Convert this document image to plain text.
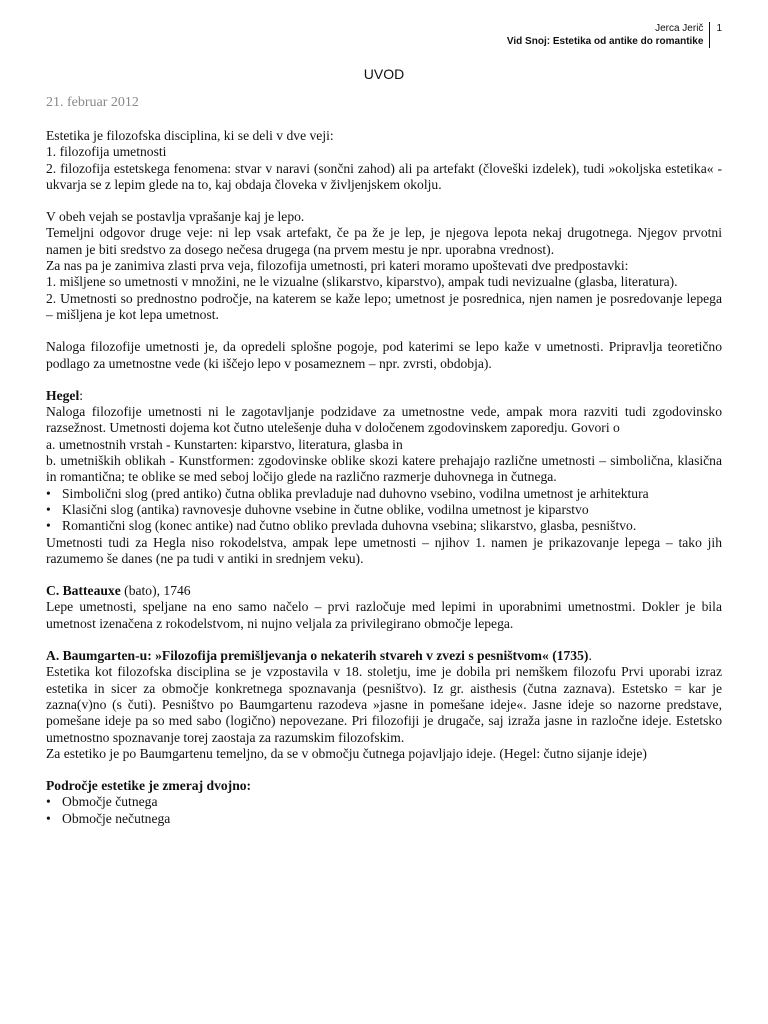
Jerca Jerič
Vid Snoj: Estetika od antike do romantike
1
UVOD
21. februar 2012

Estetika je filozofska disciplina, ki se deli v dve veji:

1. filozofija umetnosti

2. filozofija estetskega fenomena: stvar v naravi (sončni zahod) ali pa artefakt (človeški izdelek), tudi »okoljska estetika« - ukvarja se z lepim glede na to, kaj obdaja človeka v življenjskem okolju.

V obeh vejah se postavlja vprašanje kaj je lepo.

Temeljni odgovor druge veje: ni lep vsak artefakt, če pa že je lep, je njegova lepota nekaj drugotnega. Njegov prvotni namen je biti sredstvo za dosego nečesa drugega (na prvem mestu je npr. uporabna vrednost).

Za nas pa je zanimiva zlasti prva veja, filozofija umetnosti, pri kateri moramo upoštevati dve predpostavki:

1. mišljene so umetnosti v množini, ne le vizualne (slikarstvo, kiparstvo), ampak tudi nevizualne (glasba, literatura).

2. Umetnosti so prednostno področje, na katerem se kaže lepo; umetnost je posrednica, njen namen je posredovanje lepega – mišljena je kot lepa umetnost.

Naloga filozofije umetnosti je, da opredeli splošne pogoje, pod katerimi se lepo kaže v umetnosti. Pripravlja teoretično podlago za umetnostne vede (ki iščejo lepo v posameznem – npr. zvrsti, obdobja).

Hegel:

Naloga filozofije umetnosti ni le zagotavljanje podzidave za umetnostne vede, ampak mora razviti tudi zgodovinsko razsežnost. Umetnosti dojema kot čutno utelešenje duha v določenem zgodovinskem zaporedju. Govori o

a. umetnostnih vrstah - Kunstarten: kiparstvo, literatura, glasba in

b. umetniških oblikah - Kunstformen: zgodovinske oblike skozi katere prehajajo različne umetnosti – simbolična, klasična in romantična; te oblike se med seboj ločijo glede na različno razmerje duhovnega in čutnega.

• Simbolični slog (pred antiko) čutna oblika prevladuje nad duhovno vsebino, vodilna umetnost je arhitektura

• Klasični slog (antika) ravnovesje duhovne vsebine in čutne oblike, vodilna umetnost je kiparstvo

• Romantični slog (konec antike) nad čutno obliko prevlada duhovna vsebina; slikarstvo, glasba, pesništvo.

Umetnosti tudi za Hegla niso rokodelstva, ampak lepe umetnosti – njihov 1. namen je prikazovanje lepega – tako jih razumemo še danes (ne pa tudi v antiki in srednjem veku).

C. Batteauxe (bato), 1746

Lepe umetnosti, speljane na eno samo načelo – prvi razločuje med lepimi in uporabnimi umetnostmi. Dokler je bila umetnost izenačena z rokodelstvom, ni nujno veljala za privilegirano območje lepega.

A. Baumgarten-u: »Filozofija premišljevanja o nekaterih stvareh v zvezi s pesništvom« (1735).

Estetika kot filozofska disciplina se je vzpostavila v 18. stoletju, ime je dobila pri nemškem filozofu Prvi uporabi izraz estetika in sicer za območje konkretnega spoznavanja (pesništvo). Iz gr. aisthesis (čutna zaznava). Estetsko = kar je zazna(v)no (s čuti). Pesništvo po Baumgartenu razodeva »jasne in pomešane ideje«. Jasne ideje so nazorne predstave, pomešane ideje pa so med sabo (logično) nepovezane. Pri filozofiji je drugače, saj izraža jasne in razločne ideje. Estetsko umetnostno spoznavanje torej zaostaja za razumskim filozofskim.

Za estetiko je po Baumgartenu temeljno, da se v območju čutnega pojavljajo ideje. (Hegel: čutno sijanje ideje)

Področje estetike je zmeraj dvojno:

• Območje čutnega

• Območje nečutnega
